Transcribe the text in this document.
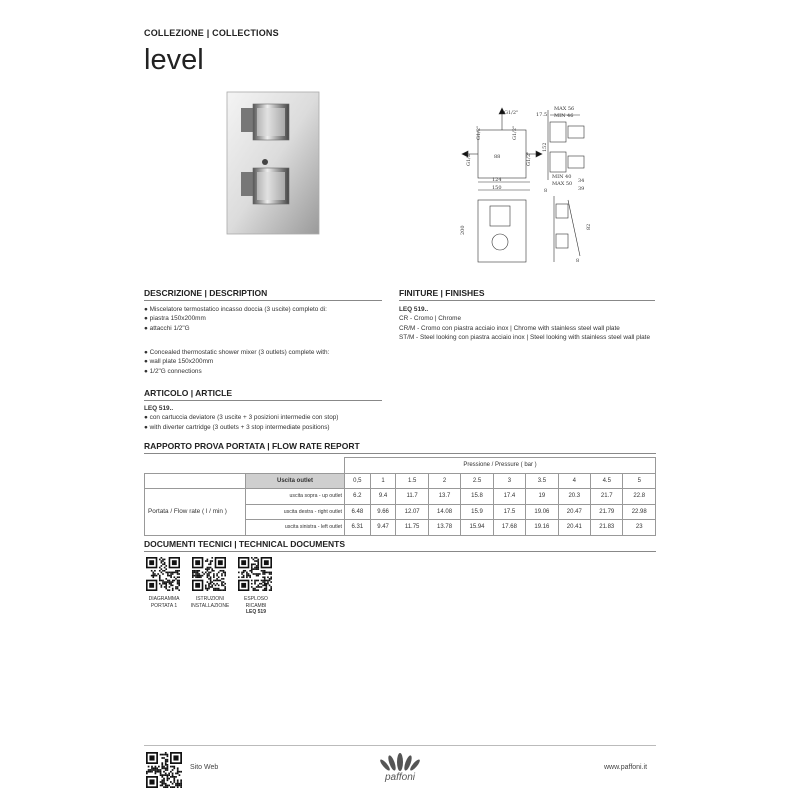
COLLEZIONE | COLLECTIONS
level
G1/2"
G1/2"	G1/2"
G1/2"	G1/2"
88
124
150
17.5
MAX 56
MIN 46
152
MIN 40
MAX 50 34
39
200	82
8
8
DESCRIZIONE | DESCRIPTION
● Miscelatore termostatico incasso doccia (3 uscite) completo di:
● piastra 150x200mm
● attacchi 1/2"G
● Concealed thermostatic shower mixer (3 outlets) complete with:
● wall plate 150x200mm
● 1/2"G connections
FINITURE | FINISHES
LEQ 519..
CR - Cromo | Chrome
CR/M - Cromo con piastra acciaio inox | Chrome with stainless steel wall plate
ST/M - Steel looking con piastra acciaio inox | Steel looking with stainless steel wall plate
ARTICOLO | ARTICLE
LEQ 519..
● con cartuccia deviatore (3 uscite + 3 posizioni intermedie con stop)
● with diverter cartridge (3 outlets + 3 stop intermediate positions)
RAPPORTO PROVA PORTATA | FLOW RATE REPORT
		Pressione / Pressure ( bar )									
	Uscita outlet	0,5	1	1.5	2	2.5	3	3.5	4	4.5	5
Portata / Flow rate ( l / min )	uscita sopra - up outlet	6.2	9.4	11.7	13.7	15.8	17.4	19	20.3	21.7	22.8
	uscita destra - right outlet	6.48	9.66	12.07	14.08	15.9	17.5	19.06	20.47	21.79	22.98
	uscita sinistra - left outlet	6.31	9.47	11.75	13.78	15.94	17.68	19.16	20.41	21.83	23
DOCUMENTI TECNICI | TECHNICAL DOCUMENTS
DIAGRAMMA
PORTATA 1
ISTRUZIONI
INSTALLAZIONE
ESPLOSO
RICAMBI
LEQ 519
Sito Web
paffoni
www.paffoni.it
